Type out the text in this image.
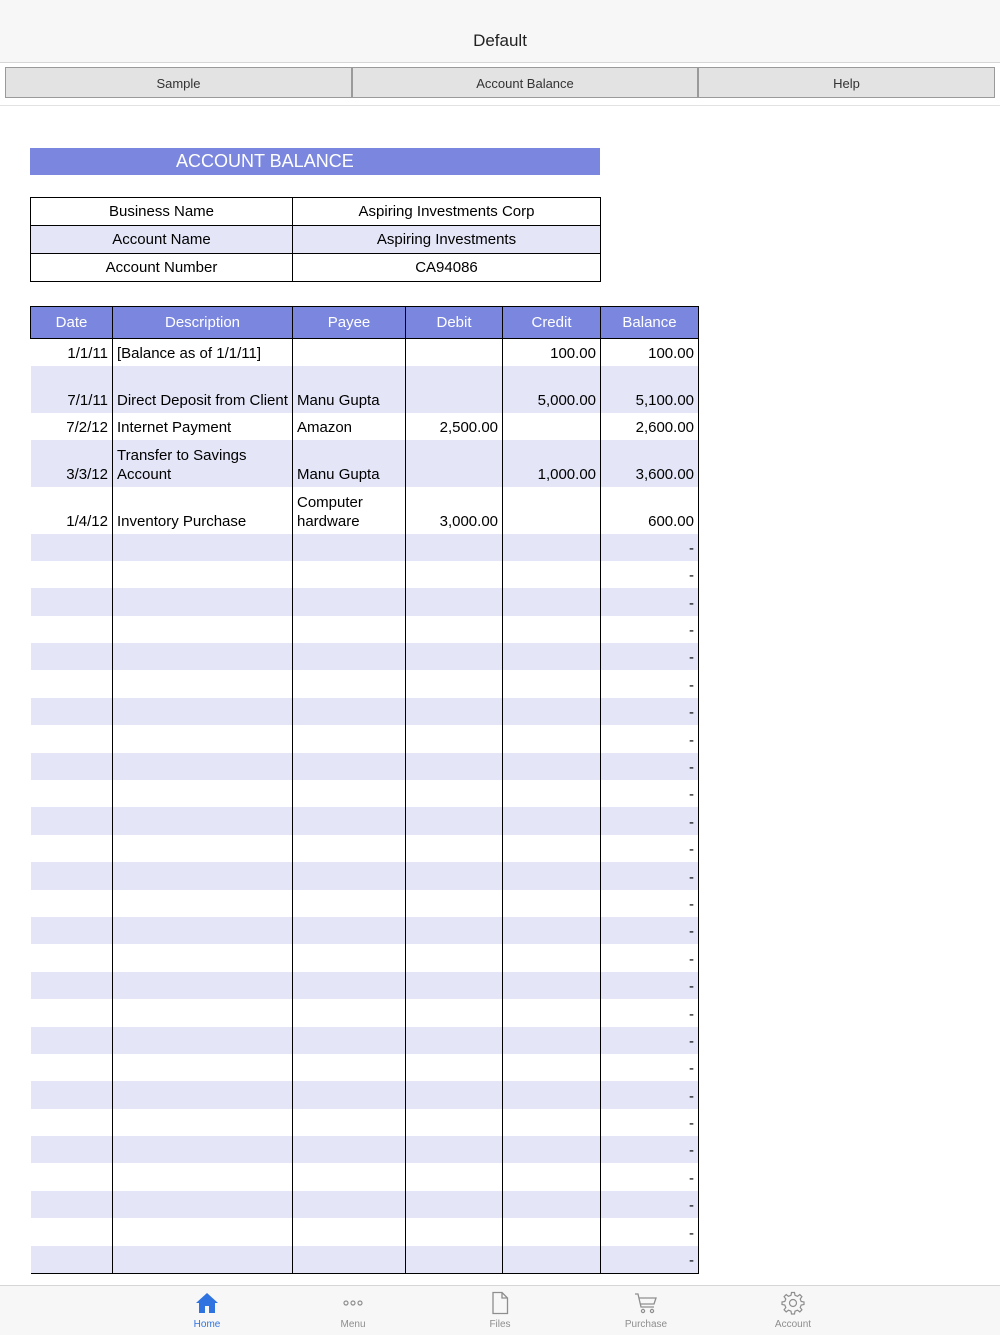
Default
Sample	Account Balance	Help
ACCOUNT BALANCE
Business Name	Aspiring Investments Corp
Account Name	Aspiring Investments
Account Number	CA94086
Date	Description	Payee	Debit	Credit	Balance
1/1/11	[Balance as of 1/1/11]			100.00	100.00
7/1/11	Direct Deposit from Client	Manu Gupta		5,000.00	5,100.00
7/2/12	Internet Payment	Amazon	2,500.00		2,600.00
3/3/12	Transfer to Savings Account	Manu Gupta		1,000.00	3,600.00
1/4/12	Inventory Purchase	Computer hardware	3,000.00		600.00
					-
					-
					-
					-
					-
					-
					-
					-
					-
					-
					-
					-
					-
					-
					-
					-
					-
					-
					-
					-
					-
					-
					-
					-
					-
					-
					-
Home	Menu	Files	Purchase	Account
